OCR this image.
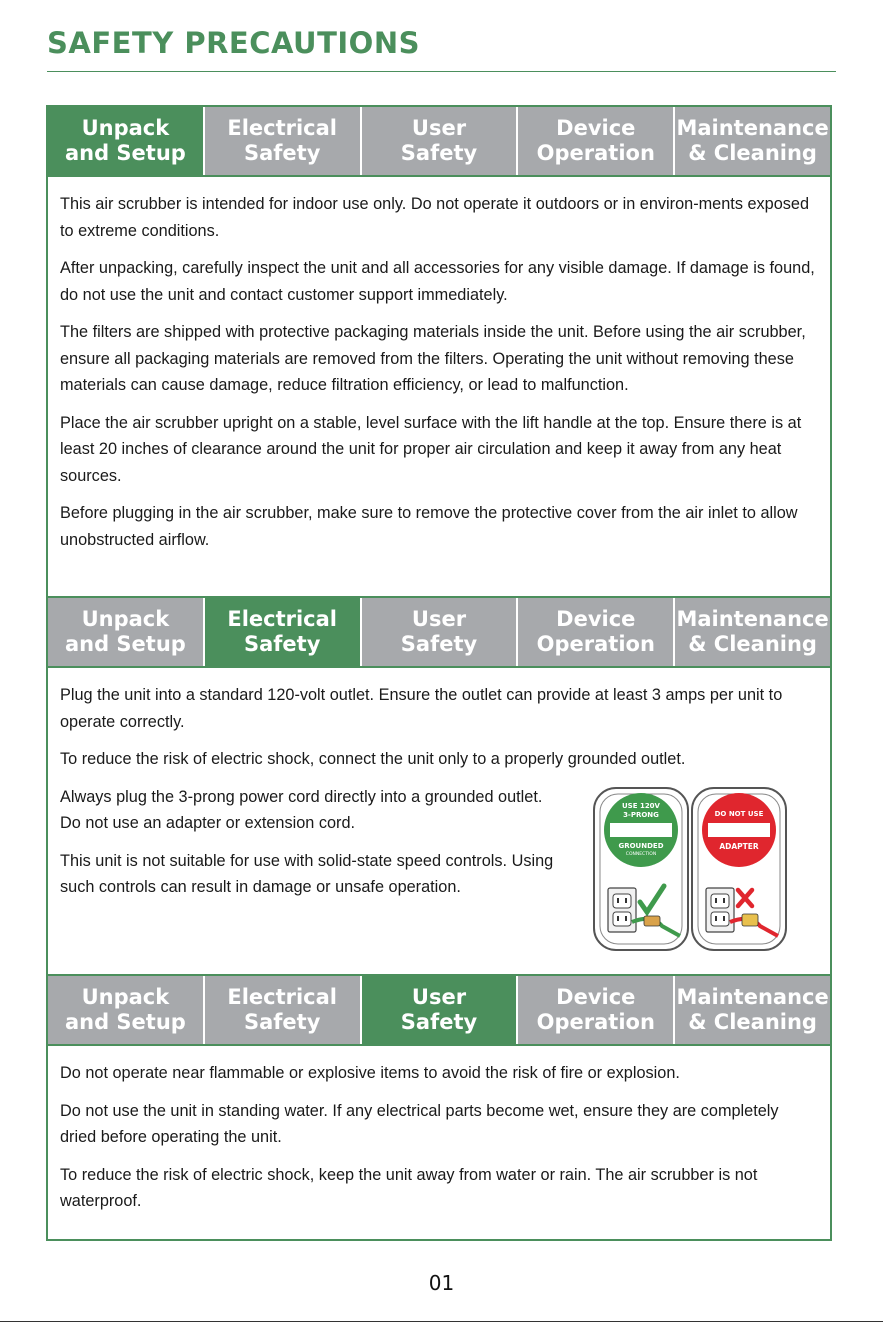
SAFETY PRECAUTIONS
Unpack
and Setup
Electrical
Safety
User
Safety
Device
Operation
Maintenance
& Cleaning

This air scrubber is intended for indoor use only. Do not operate it outdoors or in environ-ments exposed to extreme conditions.

After unpacking, carefully inspect the unit and all accessories for any visible damage. If damage is found, do not use the unit and contact customer support immediately.

The filters are shipped with protective packaging materials inside the unit. Before using the air scrubber, ensure all packaging materials are removed from the filters. Operating the unit without removing these materials can cause damage, reduce filtration efficiency, or lead to malfunction.

Place the air scrubber upright on a stable, level surface with the lift handle at the top. Ensure there is at least 20 inches of clearance around the unit for proper air circulation and keep it away from any heat sources.

Before plugging in the air scrubber, make sure to remove the protective cover from the air inlet to allow unobstructed airflow.

Unpack
and Setup
Electrical
Safety
User
Safety
Device
Operation
Maintenance
& Cleaning

Plug the unit into a standard 120-volt outlet. Ensure the outlet can provide at least 3 amps per unit to operate correctly.

To reduce the risk of electric shock, connect the unit only to a properly grounded outlet.

Always plug the 3-prong power cord directly into a grounded outlet. Do not use an adapter or extension cord.

This unit is not suitable for use with solid-state speed controls. Using such controls can result in damage or unsafe operation.

USE 120V
3-PRONG
GROUNDED
CONNECTION
DO NOT USE
ADAPTER
Unpack
and Setup
Electrical
Safety
User
Safety
Device
Operation
Maintenance
& Cleaning

Do not operate near flammable or explosive items to avoid the risk of fire or explosion.

Do not use the unit in standing water. If any electrical parts become wet, ensure they are completely dried before operating the unit.

To reduce the risk of electric shock, keep the unit away from water or rain. The air scrubber is not waterproof.

01
